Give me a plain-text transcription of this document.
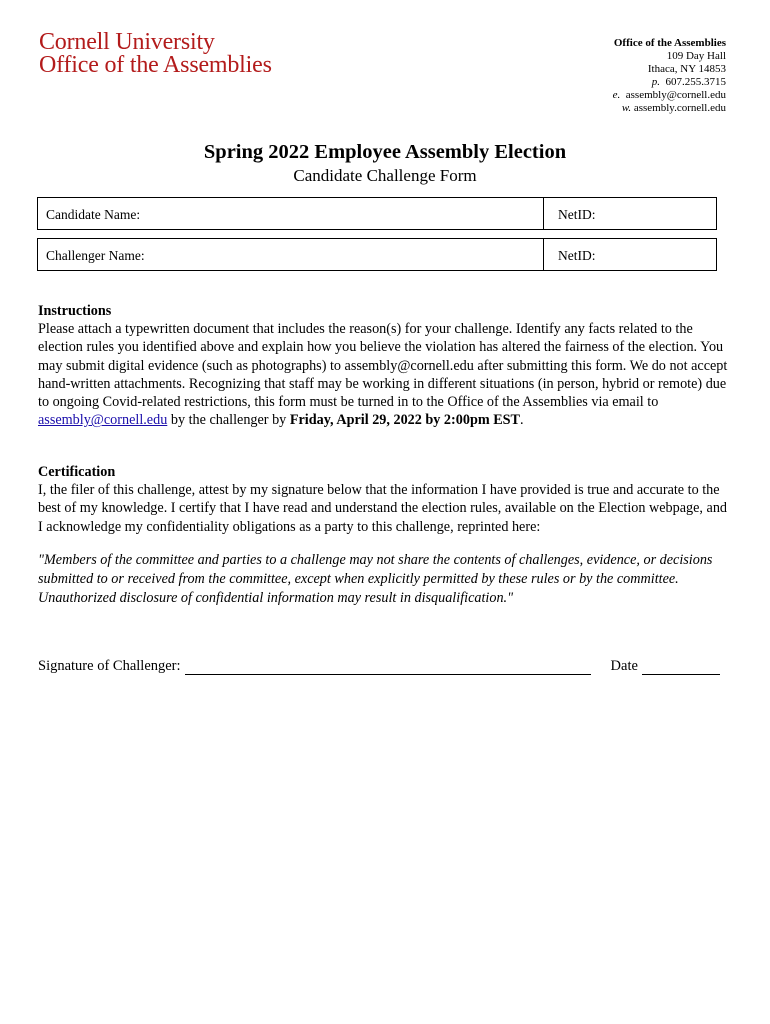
Cornell University
Office of the Assemblies
Office of the Assemblies
109 Day Hall
Ithaca, NY 14853
p. 607.255.3715
e. assembly@cornell.edu
w. assembly.cornell.edu
Spring 2022 Employee Assembly Election
Candidate Challenge Form
Candidate Name:	NetID:
Challenger Name:	NetID:
Instructions
Please attach a typewritten document that includes the reason(s) for your challenge. Identify any facts related to the election rules you identified above and explain how you believe the violation has altered the fairness of the election. You may submit digital evidence (such as photographs) to assembly@cornell.edu after submitting this form. We do not accept hand-written attachments. Recognizing that staff may be working in different situations (in person, hybrid or remote) due to ongoing Covid-related restrictions, this form must be turned in to the Office of the Assemblies via email to assembly@cornell.edu by the challenger by Friday, April 29, 2022 by 2:00pm EST.
Certification
I, the filer of this challenge, attest by my signature below that the information I have provided is true and accurate to the best of my knowledge. I certify that I have read and understand the election rules, available on the Election webpage, and I acknowledge my confidentiality obligations as a party to this challenge, reprinted here:
"Members of the committee and parties to a challenge may not share the contents of challenges, evidence, or decisions submitted to or received from the committee, except when explicitly permitted by these rules or by the committee. Unauthorized disclosure of confidential information may result in disqualification."
Signature of Challenger:	Date
